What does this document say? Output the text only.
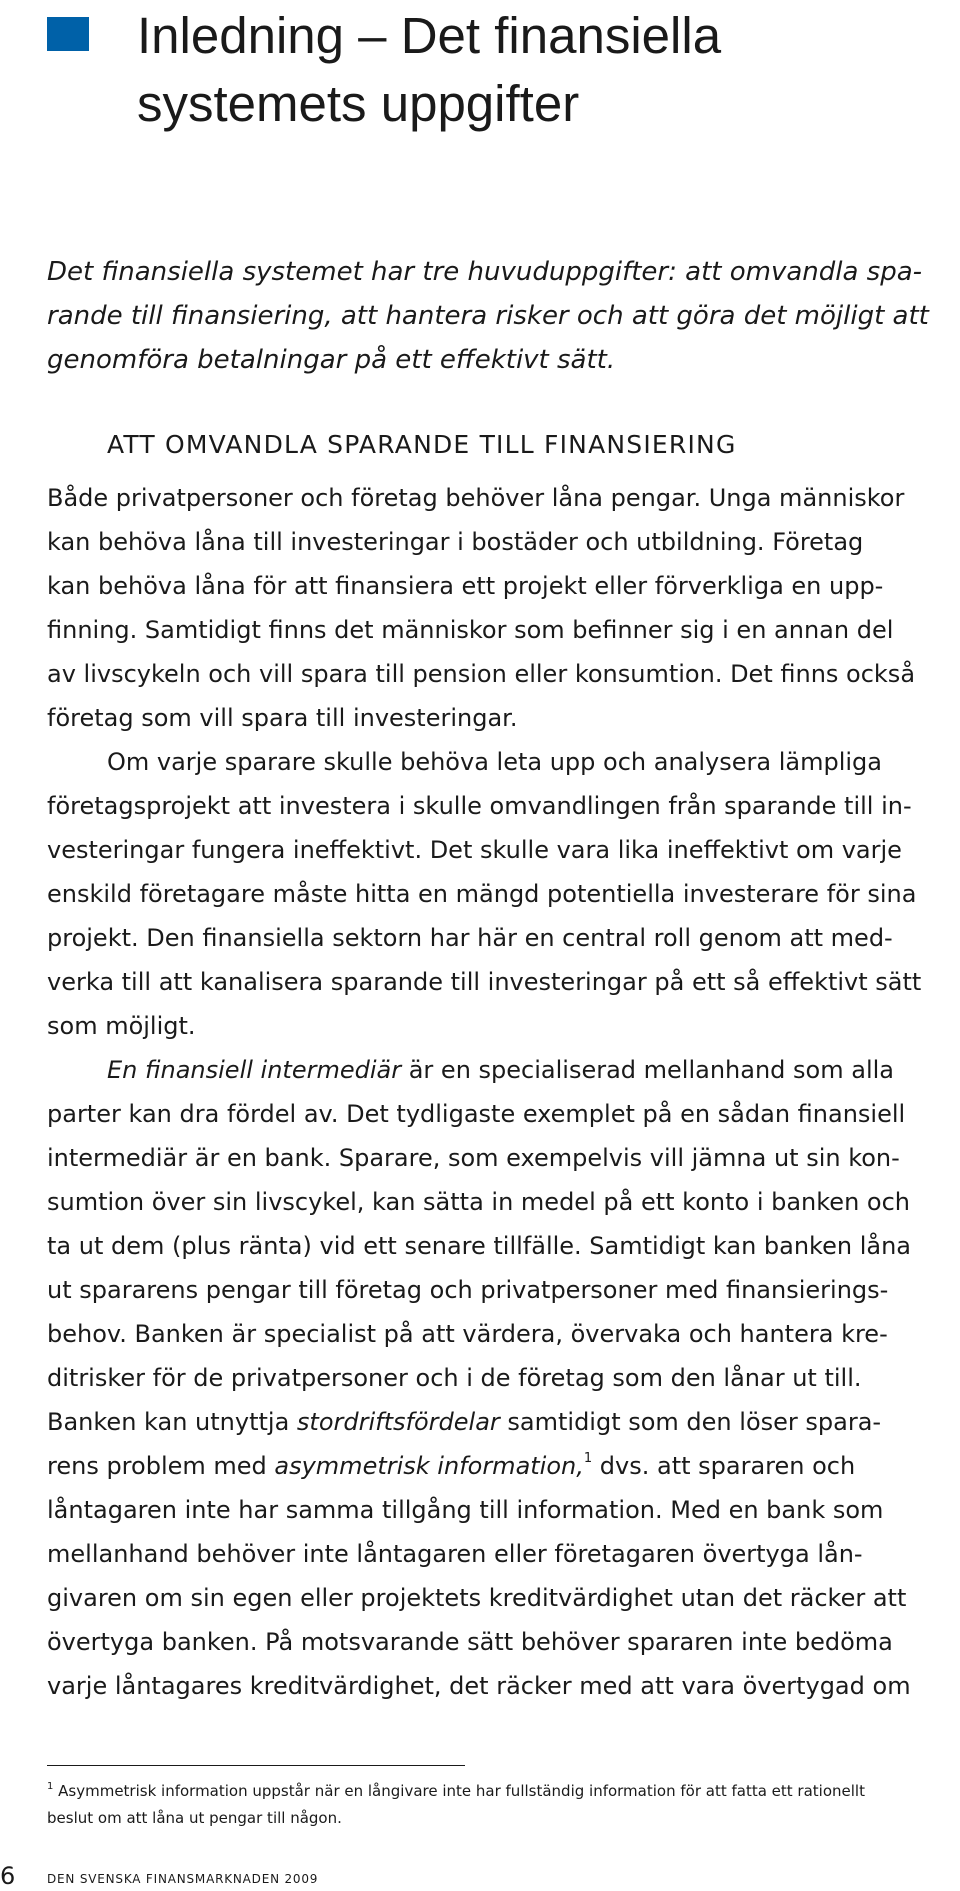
Inledning – Det finansiella
systemets uppgifter

Det finansiella systemet har tre huvuduppgifter: att omvandla spa-
rande till finansiering, att hantera risker och att göra det möjligt att
genomföra betalningar på ett effektivt sätt.

ATT OMVANDLA SPARANDE TILL FINANSIERING
Både privatpersoner och företag behöver låna pengar. Unga människor
kan behöva låna till investeringar i bostäder och utbildning. Företag
kan behöva låna för att finansiera ett projekt eller förverkliga en upp-
finning. Samtidigt finns det människor som befinner sig i en annan del
av livscykeln och vill spara till pension eller konsumtion. Det finns också
företag som vill spara till investeringar.
Om varje sparare skulle behöva leta upp och analysera lämpliga
företagsprojekt att investera i skulle omvandlingen från sparande till in-
vesteringar fungera ineffektivt. Det skulle vara lika ineffektivt om varje
enskild företagare måste hitta en mängd potentiella investerare för sina
projekt. Den finansiella sektorn har här en central roll genom att med-
verka till att kanalisera sparande till investeringar på ett så effektivt sätt
som möjligt.
En finansiell intermediär är en specialiserad mellanhand som alla
parter kan dra fördel av. Det tydligaste exemplet på en sådan finansiell
intermediär är en bank. Sparare, som exempelvis vill jämna ut sin kon-
sumtion över sin livscykel, kan sätta in medel på ett konto i banken och
ta ut dem (plus ränta) vid ett senare tillfälle. Samtidigt kan banken låna
ut spararens pengar till företag och privatpersoner med finansierings-
behov. Banken är specialist på att värdera, övervaka och hantera kre-
ditrisker för de privatpersoner och i de företag som den lånar ut till.
Banken kan utnyttja stordriftsfördelar samtidigt som den löser spara-
rens problem med asymmetrisk information,$^1$ dvs. att spararen och
låntagaren inte har samma tillgång till information. Med en bank som
mellanhand behöver inte låntagaren eller företagaren övertyga lån-
givaren om sin egen eller projektets kreditvärdighet utan det räcker att
övertyga banken. På motsvarande sätt behöver spararen inte bedöma
varje låntagares kreditvärdighet, det räcker med att vara övertygad om
$^1$ Asymmetrisk information uppstår när en långivare inte har fullständig information för att fatta ett rationellt
beslut om att låna ut pengar till någon.
6	DEN SVENSKA FINANSMARKNADEN 2009
